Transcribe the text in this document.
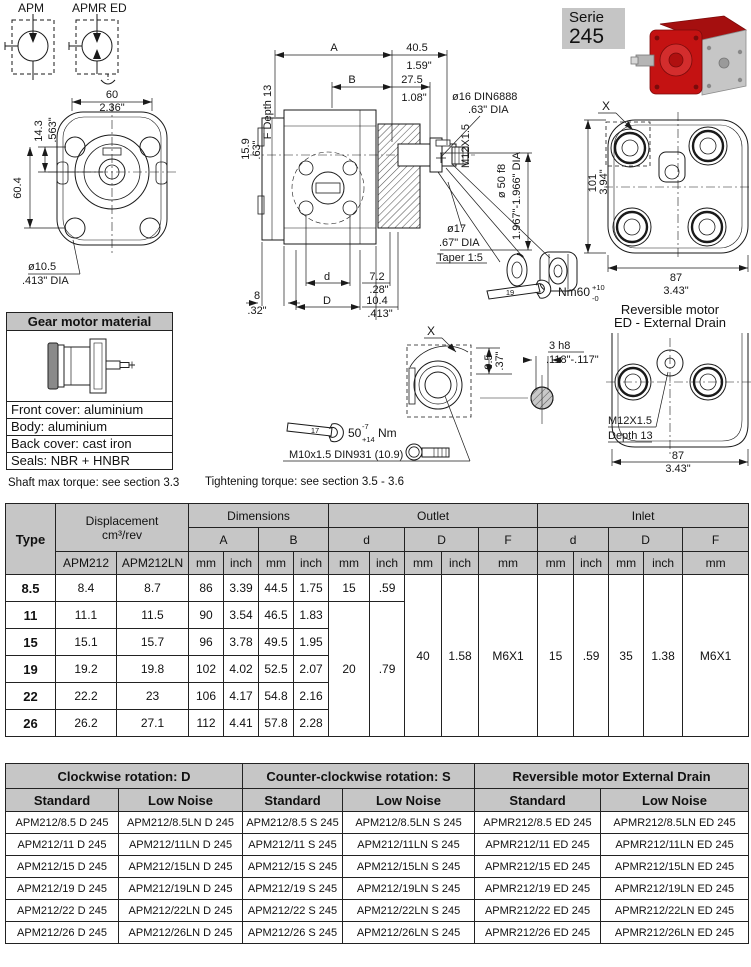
APM APMR ED
60
2.36"
14.3 .563"
60.4
ø10.5
.413" DIA
A
B
40.5
1.59"
27.5
1.08"
15.9 .63"
F Depth 13	ø16 DIN6888
.63" DIA
M12X1.5
ø 50 f8 1.967"-1.966" DIA
ø17
.67" DIA
Taper 1:5
8
.32"
d
D
7.2
.28"
10.4
.413"
19	Nm60 +10
-0
X
101 3.94"
87
3.43"
X
9.5 .37"
17 50 -7
+14 Nm
M10x1.5 DIN931 (10.9)
3 h8
.118"-.117"
M12X1.5
Depth 13
87
3.43"
Serie
245
Gear motor material
Front cover: aluminium
Body: aluminium
Back cover: cast iron
Seals: NBR + HNBR
Reversible motor
ED - External Drain
Shaft max torque: see section 3.3 Tightening torque: see section 3.5 - 3.6
Type	Displacement
cm³/rev		Dimensions				Outlet					Inlet				
			A		B		d		D		F	d		D		F
	APM212	APM212LN	mm	inch	mm	inch	mm	inch	mm	inch	mm	mm	inch	mm	inch	mm
8.5	8.4	8.7	86	3.39	44.5	1.75	15	.59	40	1.58	M6X1	15	.59	35	1.38	M6X1
11	11.1	11.5	90	3.54	46.5	1.83	20	.79								
15	15.1	15.7	96	3.78	49.5	1.95										
19	19.2	19.8	102	4.02	52.5	2.07										
22	22.2	23	106	4.17	54.8	2.16										
26	26.2	27.1	112	4.41	57.8	2.28										
Clockwise rotation: D		Counter-clockwise rotation: S		Reversible motor External Drain	
Standard	Low Noise	Standard	Low Noise	Standard	Low Noise
APM212/8.5 D 245	APM212/8.5LN D 245	APM212/8.5 S 245	APM212/8.5LN S 245	APMR212/8.5 ED 245	APMR212/8.5LN ED 245
APM212/11 D 245	APM212/11LN D 245	APM212/11 S 245	APM212/11LN S 245	APMR212/11 ED 245	APMR212/11LN ED 245
APM212/15 D 245	APM212/15LN D 245	APM212/15 S 245	APM212/15LN S 245	APMR212/15 ED 245	APMR212/15LN ED 245
APM212/19 D 245	APM212/19LN D 245	APM212/19 S 245	APM212/19LN S 245	APMR212/19 ED 245	APMR212/19LN ED 245
APM212/22 D 245	APM212/22LN D 245	APM212/22 S 245	APM212/22LN S 245	APMR212/22 ED 245	APMR212/22LN ED 245
APM212/26 D 245	APM212/26LN D 245	APM212/26 S 245	APM212/26LN S 245	APMR212/26 ED 245	APMR212/26LN ED 245
